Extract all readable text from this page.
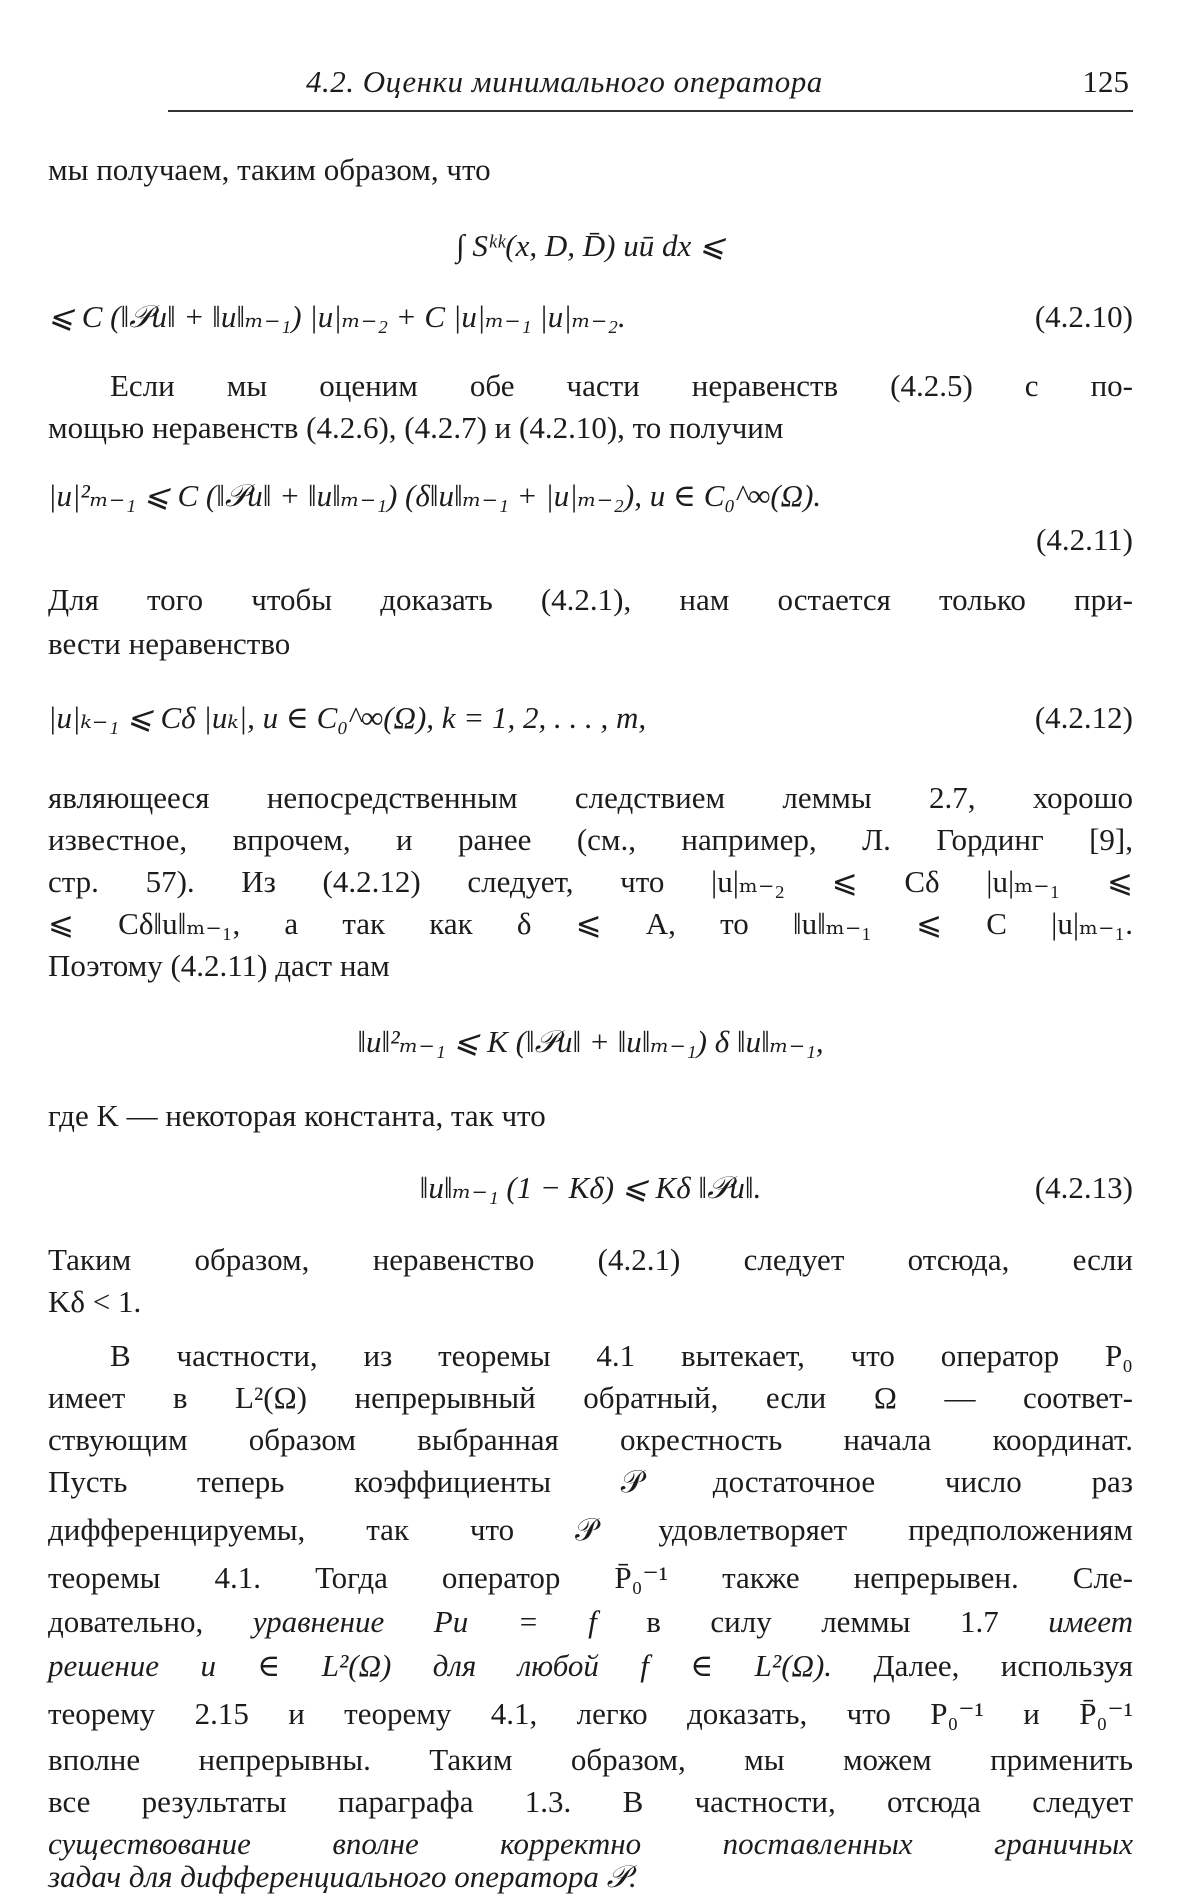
4.2. Оценки минимального оператора	125
мы получаем, таким образом, что
∫ Sᵏᵏ(x, D, D̄) uū dx ⩽
⩽ C (‖𝒫u‖ + ‖u‖ₘ₋₁) |u|ₘ₋₂ + C |u|ₘ₋₁ |u|ₘ₋₂.	(4.2.10)
Если мы оценим обе части неравенств (4.2.5) с по-
мощью неравенств (4.2.6), (4.2.7) и (4.2.10), то получим
|u|²ₘ₋₁ ⩽ C (‖𝒫u‖ + ‖u‖ₘ₋₁) (δ‖u‖ₘ₋₁ + |u|ₘ₋₂), u ∈ C₀^∞(Ω).
(4.2.11)
Для того чтобы доказать (4.2.1), нам остается только при-
вести неравенство
|u|ₖ₋₁ ⩽ Cδ |uₖ|, u ∈ C₀^∞(Ω), k = 1, 2, . . . , m,	(4.2.12)
являющееся непосредственным следствием леммы 2.7, хорошо
известное, впрочем, и ранее (см., например, Л. Гординг [9],
стр. 57). Из (4.2.12) следует, что |u|ₘ₋₂ ⩽ Cδ |u|ₘ₋₁ ⩽
⩽ Cδ‖u‖ₘ₋₁, а так как δ ⩽ A, то ‖u‖ₘ₋₁ ⩽ C |u|ₘ₋₁.
Поэтому (4.2.11) даст нам
‖u‖²ₘ₋₁ ⩽ K (‖𝒫u‖ + ‖u‖ₘ₋₁) δ ‖u‖ₘ₋₁,
где K — некоторая константа, так что
‖u‖ₘ₋₁ (1 − Kδ) ⩽ Kδ ‖𝒫u‖.	(4.2.13)
Таким образом, неравенство (4.2.1) следует отсюда, если
Kδ < 1.
В частности, из теоремы 4.1 вытекает, что оператор P₀
имеет в L²(Ω) непрерывный обратный, если Ω — соответ-
ствующим образом выбранная окрестность начала координат.
Пусть теперь коэффициенты 𝒫 достаточное число раз
дифференцируемы, так что 𝒫 удовлетворяет предположениям
теоремы 4.1. Тогда оператор P̄₀⁻¹ также непрерывен. Сле-
довательно, уравнение Pu = f в силу леммы 1.7 имеет
решение u ∈ L²(Ω) для любой f ∈ L²(Ω). Далее, используя
теорему 2.15 и теорему 4.1, легко доказать, что P₀⁻¹ и P̄₀⁻¹
вполне непрерывны. Таким образом, мы можем применить
все результаты параграфа 1.3. В частности, отсюда следует
существование вполне корректно поставленных граничных
задач для дифференциального оператора 𝒫.
